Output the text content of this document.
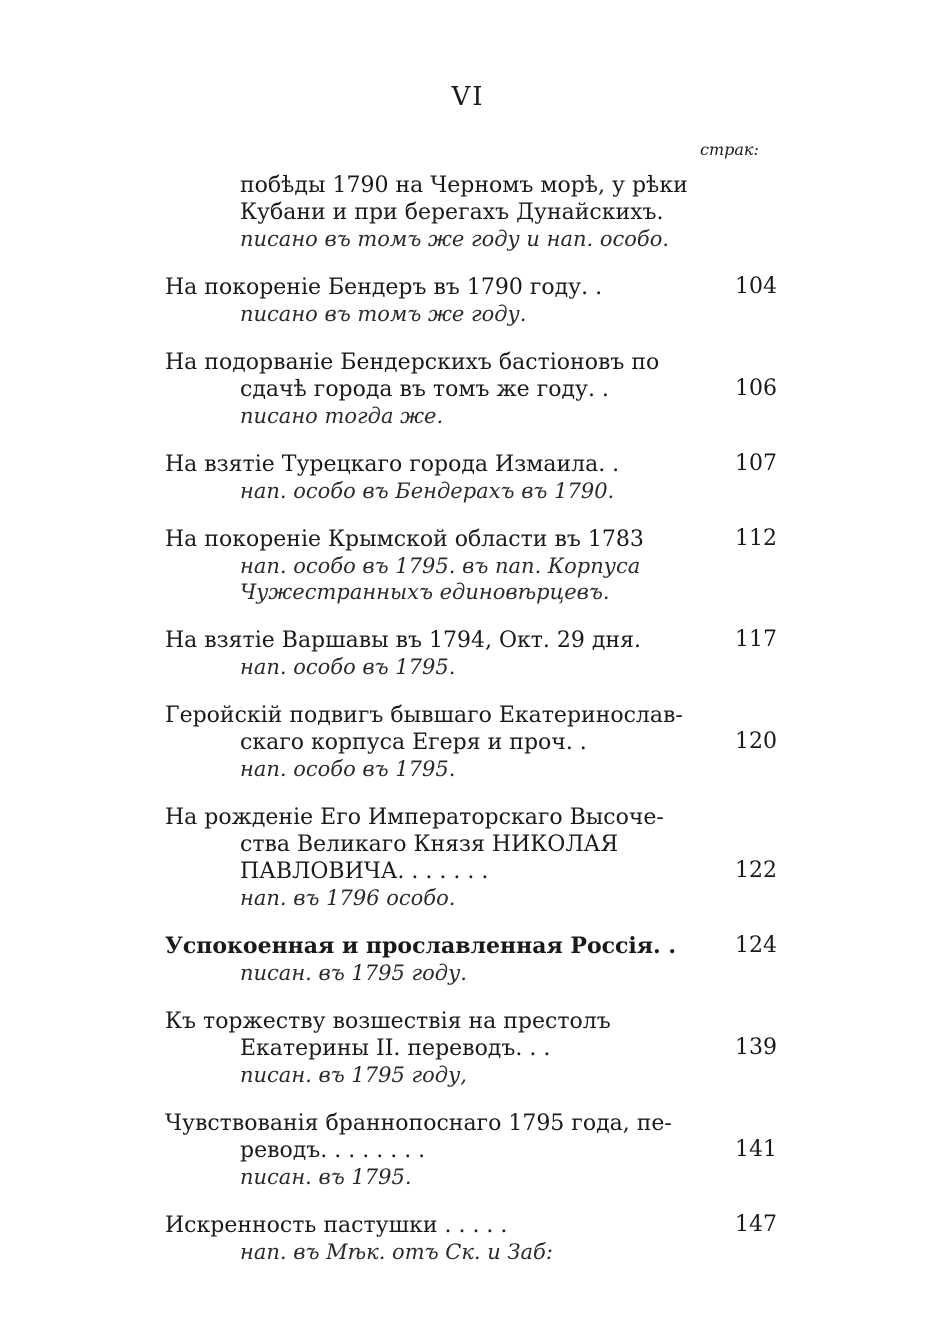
VI
страк:
побѣды 1790 на Черномъ морѣ, у рѣки
Кубани и при берегахъ Дунайскихъ.
писано въ томъ же году и нап. особо.
104
На покореніе Бендеръ въ 1790 году. .
писано въ томъ же году.
106
На подорваніе Бендерскихъ бастіоновъ по
сдачѣ города въ томъ же году. .
писано тогда же.
107
На взятіе Турецкаго города Измаила. .
нап. особо въ Бендерахъ въ 1790.
112
На покореніе Крымской области въ 1783
нап. особо въ 1795. въ пап. Корпуса Чужестранныхъ единовѣрцевъ.
117
На взятіе Варшавы въ 1794, Окт. 29 дня.
нап. особо въ 1795.
120
Геройскій подвигъ бывшаго Екатеринослав-
скаго корпуса Егеря и проч. .
нап. особо въ 1795.
122
На рожденіе Его Императорскаго Высоче-
ства Великаго Князя НИКОЛАЯ
ПАВЛОВИЧА. . . . . . .
нап. въ 1796 особо.
124
Успокоенная и прославленная Россія. .
писан. въ 1795 году.
139
Къ торжеству возшествія на престолъ
Екатерины II. переводъ. . .
писан. въ 1795 году,
141
Чувствованія браннопоснаго 1795 года, пе-
реводъ. . . . . . . .
писан. въ 1795.
147
Искренность пастушки . . . . .
нап. въ Мѣк. отъ Ск. и Заб:
